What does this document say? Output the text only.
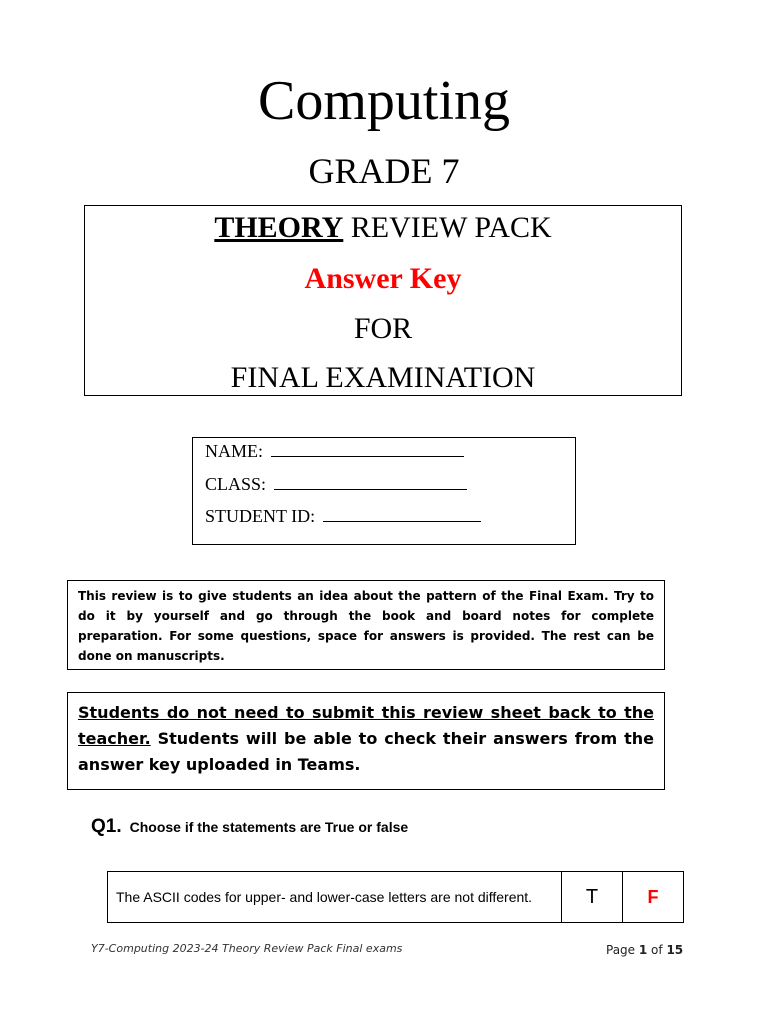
Computing
GRADE 7
THEORY REVIEW PACK
Answer Key
FOR
FINAL EXAMINATION
NAME:
CLASS:
STUDENT ID:
This review is to give students an idea about the pattern of the Final Exam. Try to do it by yourself and go through the book and board notes for complete preparation. For some questions, space for answers is provided. The rest can be done on manuscripts.
Students do not need to submit this review sheet back to the teacher. Students will be able to check their answers from the answer key uploaded in Teams.
Q1. Choose if the statements are True or false
The ASCII codes for upper- and lower-case letters are not different.	T	F
Y7-Computing 2023-24 Theory Review Pack Final exams	Page 1 of 15
